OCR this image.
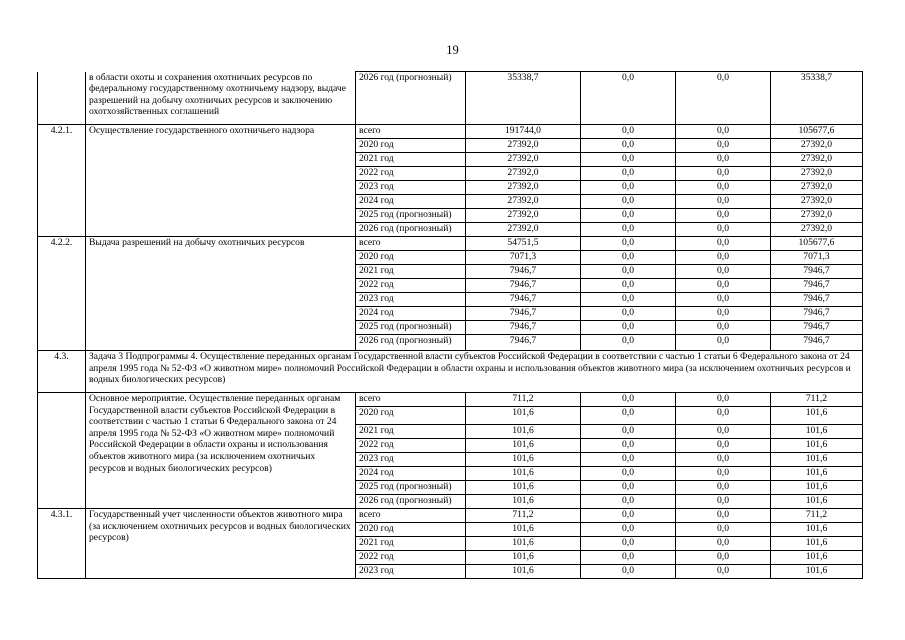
19
	в области охоты и сохранения охотничьих ресурсов по федеральному государственному охотничьему надзору, выдаче разрешений на добычу охотничьих ресурсов и заключению охотхозяйственных соглашений	2026 год (прогнозный)	35338,7	0,0	0,0	35338,7
4.2.1.	Осуществление государственного охотничьего надзора	всего	191744,0	0,0	0,0	105677,6
		2020 год	27392,0	0,0	0,0	27392,0
		2021 год	27392,0	0,0	0,0	27392,0
		2022 год	27392,0	0,0	0,0	27392,0
		2023 год	27392,0	0,0	0,0	27392,0
		2024 год	27392,0	0,0	0,0	27392,0
		2025 год (прогнозный)	27392,0	0,0	0,0	27392,0
		2026 год (прогнозный)	27392,0	0,0	0,0	27392,0
4.2.2.	Выдача разрешений на добычу охотничьих ресурсов	всего	54751,5	0,0	0,0	105677,6
		2020 год	7071,3	0,0	0,0	7071,3
		2021 год	7946,7	0,0	0,0	7946,7
		2022 год	7946,7	0,0	0,0	7946,7
		2023 год	7946,7	0,0	0,0	7946,7
		2024 год	7946,7	0,0	0,0	7946,7
		2025 год (прогнозный)	7946,7	0,0	0,0	7946,7
		2026 год (прогнозный)	7946,7	0,0	0,0	7946,7
4.3.	Задача 3 Подпрограммы 4. Осуществление переданных органам Государственной власти субъектов Российской Федерации в соответствии с частью 1 статьи 6 Федерального закона от 24 апреля 1995 года № 52-ФЗ «О животном мире» полномочий Российской Федерации в области охраны и использования объектов животного мира (за исключением охотничьих ресурсов и водных биологических ресурсов)					
	Основное мероприятие. Осуществление переданных органам Государственной власти субъектов Российской Федерации в соответствии с частью 1 статьи 6 Федерального закона от 24 апреля 1995 года № 52-ФЗ «О животном мире» полномочий Российской Федерации в области охраны и использования объектов животного мира (за исключением охотничьих ресурсов и водных биологических ресурсов)	всего	711,2	0,0	0,0	711,2
		2020 год	101,6	0,0	0,0	101,6
		2021 год	101,6	0,0	0,0	101,6
		2022 год	101,6	0,0	0,0	101,6
		2023 год	101,6	0,0	0,0	101,6
		2024 год	101,6	0,0	0,0	101,6
		2025 год (прогнозный)	101,6	0,0	0,0	101,6
		2026 год (прогнозный)	101,6	0,0	0,0	101,6
4.3.1.	Государственный учет численности объектов животного мира (за исключением охотничьих ресурсов и водных биологических ресурсов)	всего	711,2	0,0	0,0	711,2
		2020 год	101,6	0,0	0,0	101,6
		2021 год	101,6	0,0	0,0	101,6
		2022 год	101,6	0,0	0,0	101,6
		2023 год	101,6	0,0	0,0	101,6
